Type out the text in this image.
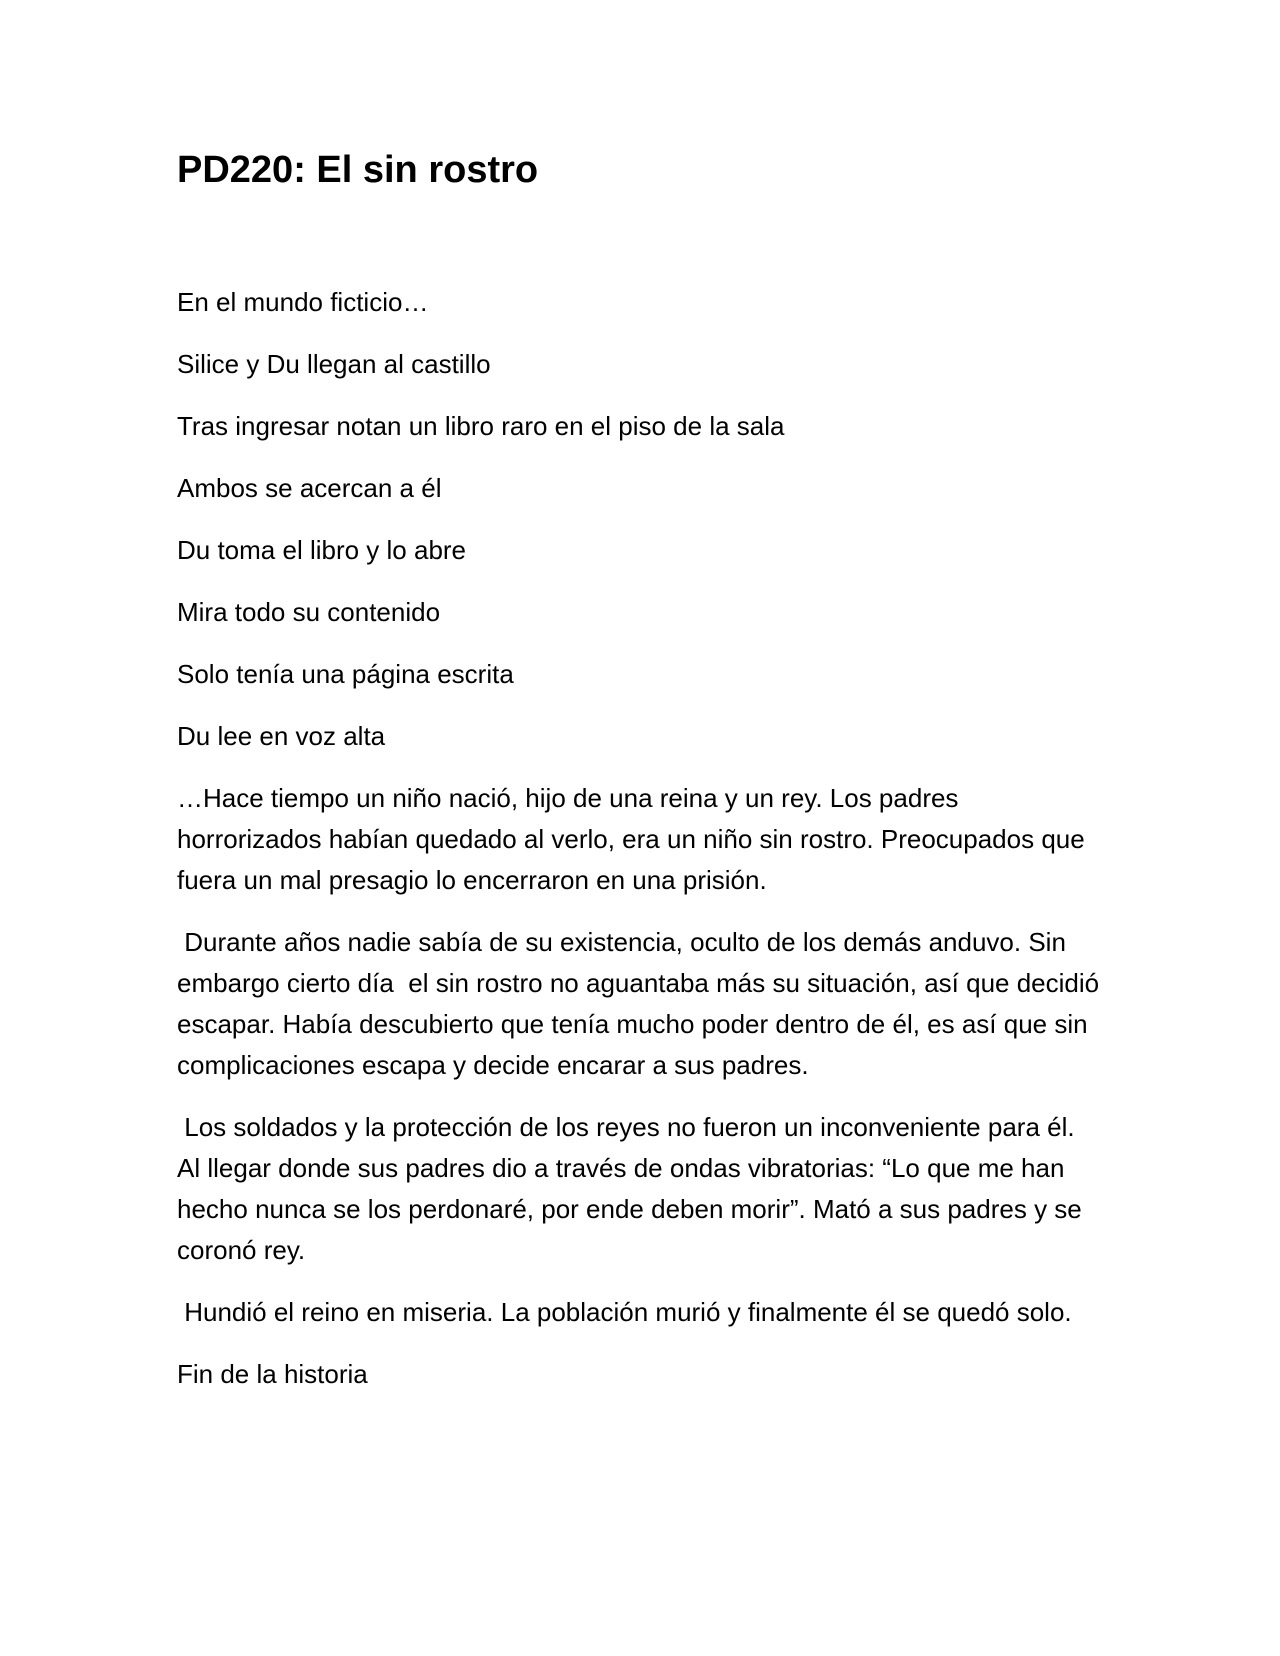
PD220: El sin rostro

En el mundo ficticio…

Silice y Du llegan al castillo

Tras ingresar notan un libro raro en el piso de la sala

Ambos se acercan a él

Du toma el libro y lo abre

Mira todo su contenido

Solo tenía una página escrita

Du lee en voz alta

…Hace tiempo un niño nació, hijo de una reina y un rey. Los padres horrorizados habían quedado al verlo, era un niño sin rostro. Preocupados que fuera un mal presagio lo encerraron en una prisión.

Durante años nadie sabía de su existencia, oculto de los demás anduvo. Sin embargo cierto día  el sin rostro no aguantaba más su situación, así que decidió escapar. Había descubierto que tenía mucho poder dentro de él, es así que sin complicaciones escapa y decide encarar a sus padres.

Los soldados y la protección de los reyes no fueron un inconveniente para él. Al llegar donde sus padres dio a través de ondas vibratorias: “Lo que me han hecho nunca se los perdonaré, por ende deben morir”. Mató a sus padres y se coronó rey.

Hundió el reino en miseria. La población murió y finalmente él se quedó solo.

Fin de la historia
